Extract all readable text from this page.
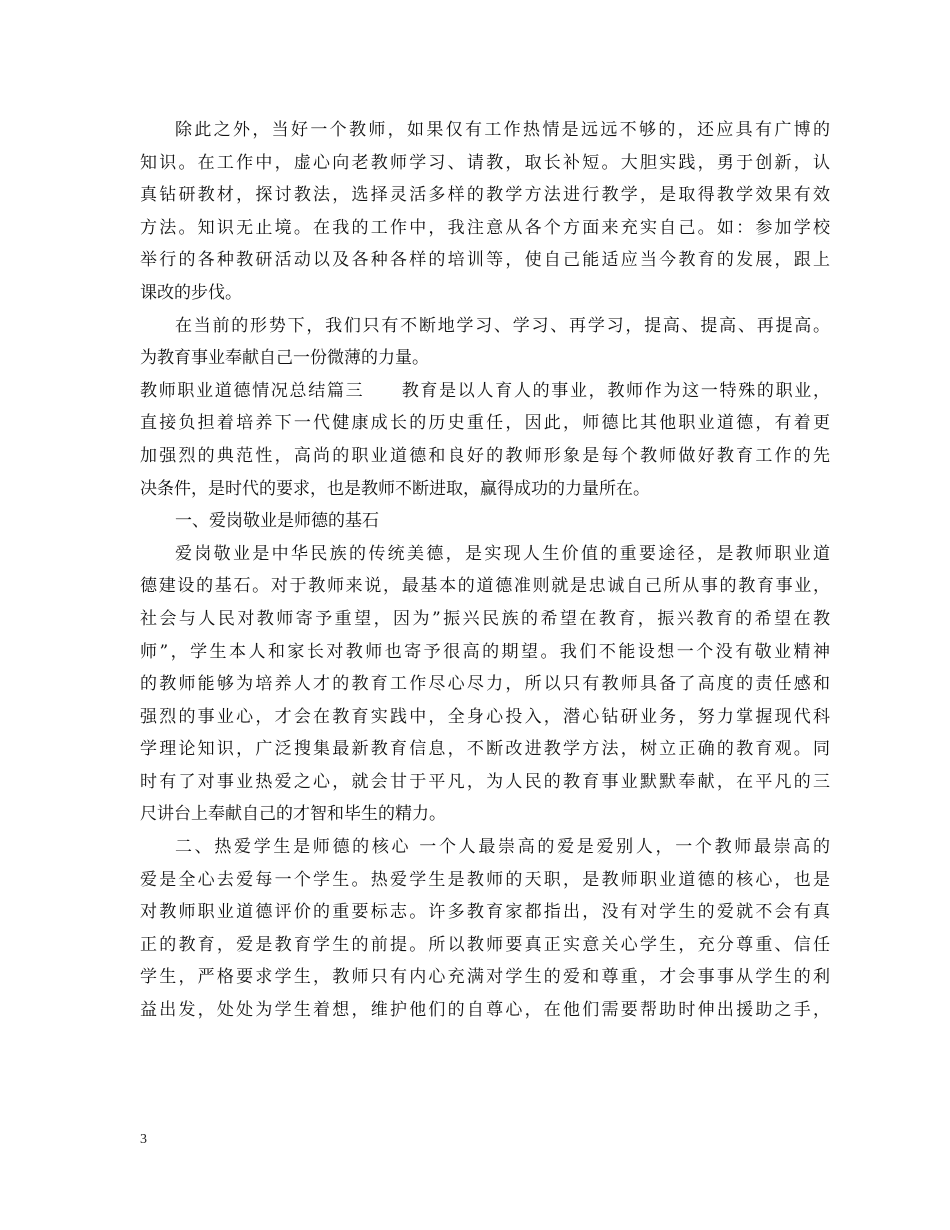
除此之外，当好一个教师，如果仅有工作热情是远远不够的，还应具有广博的
知识。在工作中，虚心向老教师学习、请教，取长补短。大胆实践，勇于创新，认
真钻研教材，探讨教法，选择灵活多样的教学方法进行教学，是取得教学效果有效
方法。知识无止境。在我的工作中，我注意从各个方面来充实自己。如：参加学校
举行的各种教研活动以及各种各样的培训等，使自己能适应当今教育的发展，跟上
课改的步伐。
在当前的形势下，我们只有不断地学习、学习、再学习，提高、提高、再提高。
为教育事业奉献自己一份微薄的力量。
教师职业道德情况总结篇三　　教育是以人育人的事业，教师作为这一特殊的职业，
直接负担着培养下一代健康成长的历史重任，因此，师德比其他职业道德，有着更
加强烈的典范性，高尚的职业道德和良好的教师形象是每个教师做好教育工作的先
决条件，是时代的要求，也是教师不断进取，赢得成功的力量所在。
一、爱岗敬业是师德的基石
爱岗敬业是中华民族的传统美德，是实现人生价值的重要途径，是教师职业道
德建设的基石。对于教师来说，最基本的道德准则就是忠诚自己所从事的教育事业，
社会与人民对教师寄予重望，因为”振兴民族的希望在教育，振兴教育的希望在教
师”，学生本人和家长对教师也寄予很高的期望。我们不能设想一个没有敬业精神
的教师能够为培养人才的教育工作尽心尽力，所以只有教师具备了高度的责任感和
强烈的事业心，才会在教育实践中，全身心投入，潜心钻研业务，努力掌握现代科
学理论知识，广泛搜集最新教育信息，不断改进教学方法，树立正确的教育观。同
时有了对事业热爱之心，就会甘于平凡，为人民的教育事业默默奉献，在平凡的三
尺讲台上奉献自己的才智和毕生的精力。
二、热爱学生是师德的核心 一个人最崇高的爱是爱别人，一个教师最崇高的
爱是全心去爱每一个学生。热爱学生是教师的天职，是教师职业道德的核心，也是
对教师职业道德评价的重要标志。许多教育家都指出，没有对学生的爱就不会有真
正的教育，爱是教育学生的前提。所以教师要真正实意关心学生，充分尊重、信任
学生，严格要求学生，教师只有内心充满对学生的爱和尊重，才会事事从学生的利
益出发，处处为学生着想，维护他们的自尊心，在他们需要帮助时伸出援助之手，
3
